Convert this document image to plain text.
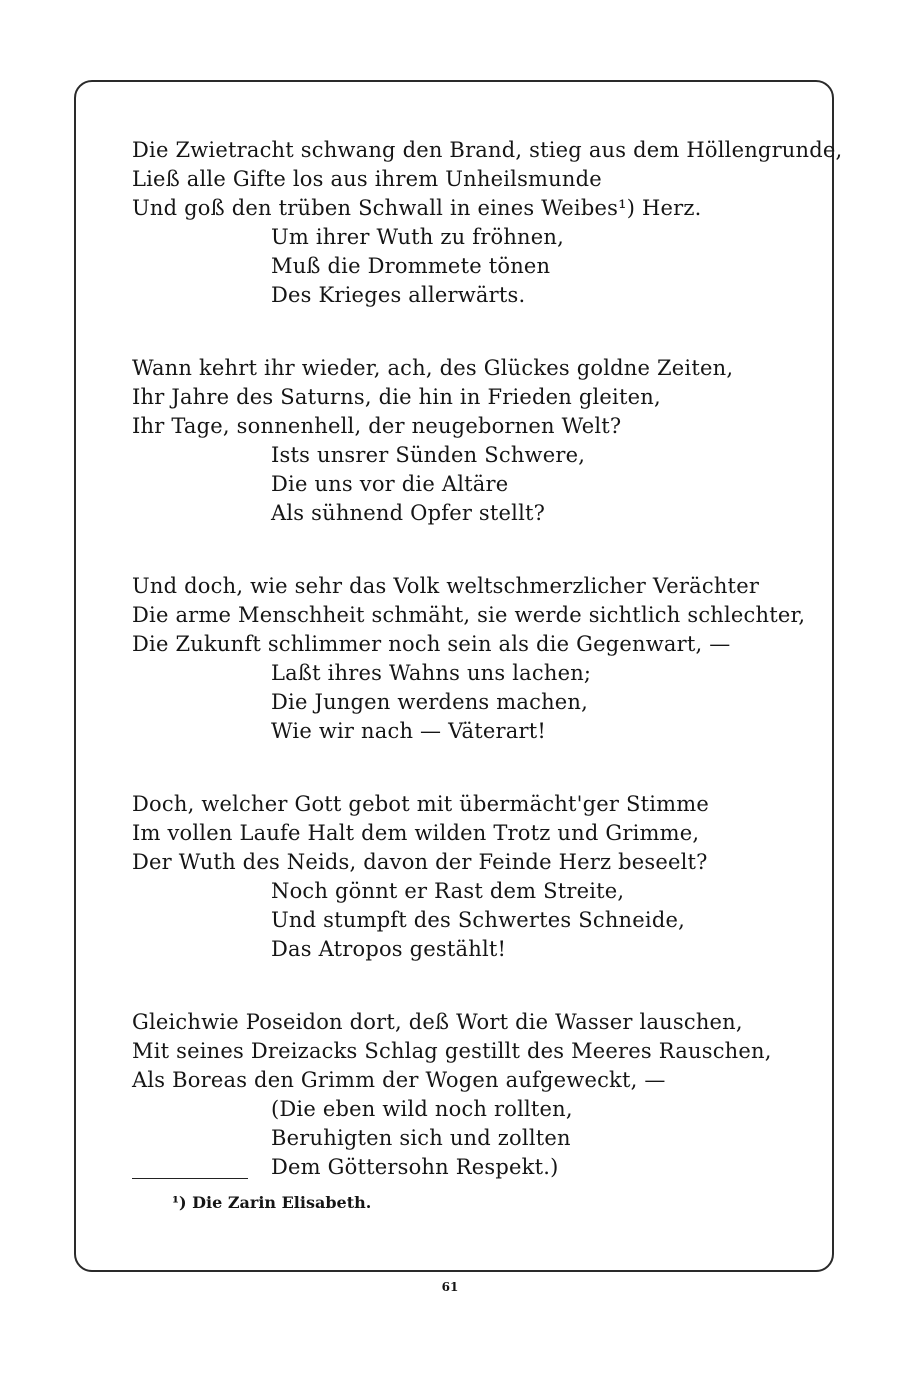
Die Zwietracht schwang den Brand, stieg aus dem Höllengrunde,
Ließ alle Gifte los aus ihrem Unheilsmunde
Und goß den trüben Schwall in eines Weibes¹) Herz.
Um ihrer Wuth zu fröhnen,
Muß die Drommete tönen
Des Krieges allerwärts.
Wann kehrt ihr wieder, ach, des Glückes goldne Zeiten,
Ihr Jahre des Saturns, die hin in Frieden gleiten,
Ihr Tage, sonnenhell, der neugebornen Welt?
Ists unsrer Sünden Schwere,
Die uns vor die Altäre
Als sühnend Opfer stellt?
Und doch, wie sehr das Volk weltschmerzlicher Verächter
Die arme Menschheit schmäht, sie werde sichtlich schlechter,
Die Zukunft schlimmer noch sein als die Gegenwart, —
Laßt ihres Wahns uns lachen;
Die Jungen werdens machen,
Wie wir nach — Väterart!
Doch, welcher Gott gebot mit übermächt'ger Stimme
Im vollen Laufe Halt dem wilden Trotz und Grimme,
Der Wuth des Neids, davon der Feinde Herz beseelt?
Noch gönnt er Rast dem Streite,
Und stumpft des Schwertes Schneide,
Das Atropos gestählt!
Gleichwie Poseidon dort, deß Wort die Wasser lauschen,
Mit seines Dreizacks Schlag gestillt des Meeres Rauschen,
Als Boreas den Grimm der Wogen aufgeweckt, —
(Die eben wild noch rollten,
Beruhigten sich und zollten
Dem Göttersohn Respekt.)
¹) Die Zarin Elisabeth.
61
